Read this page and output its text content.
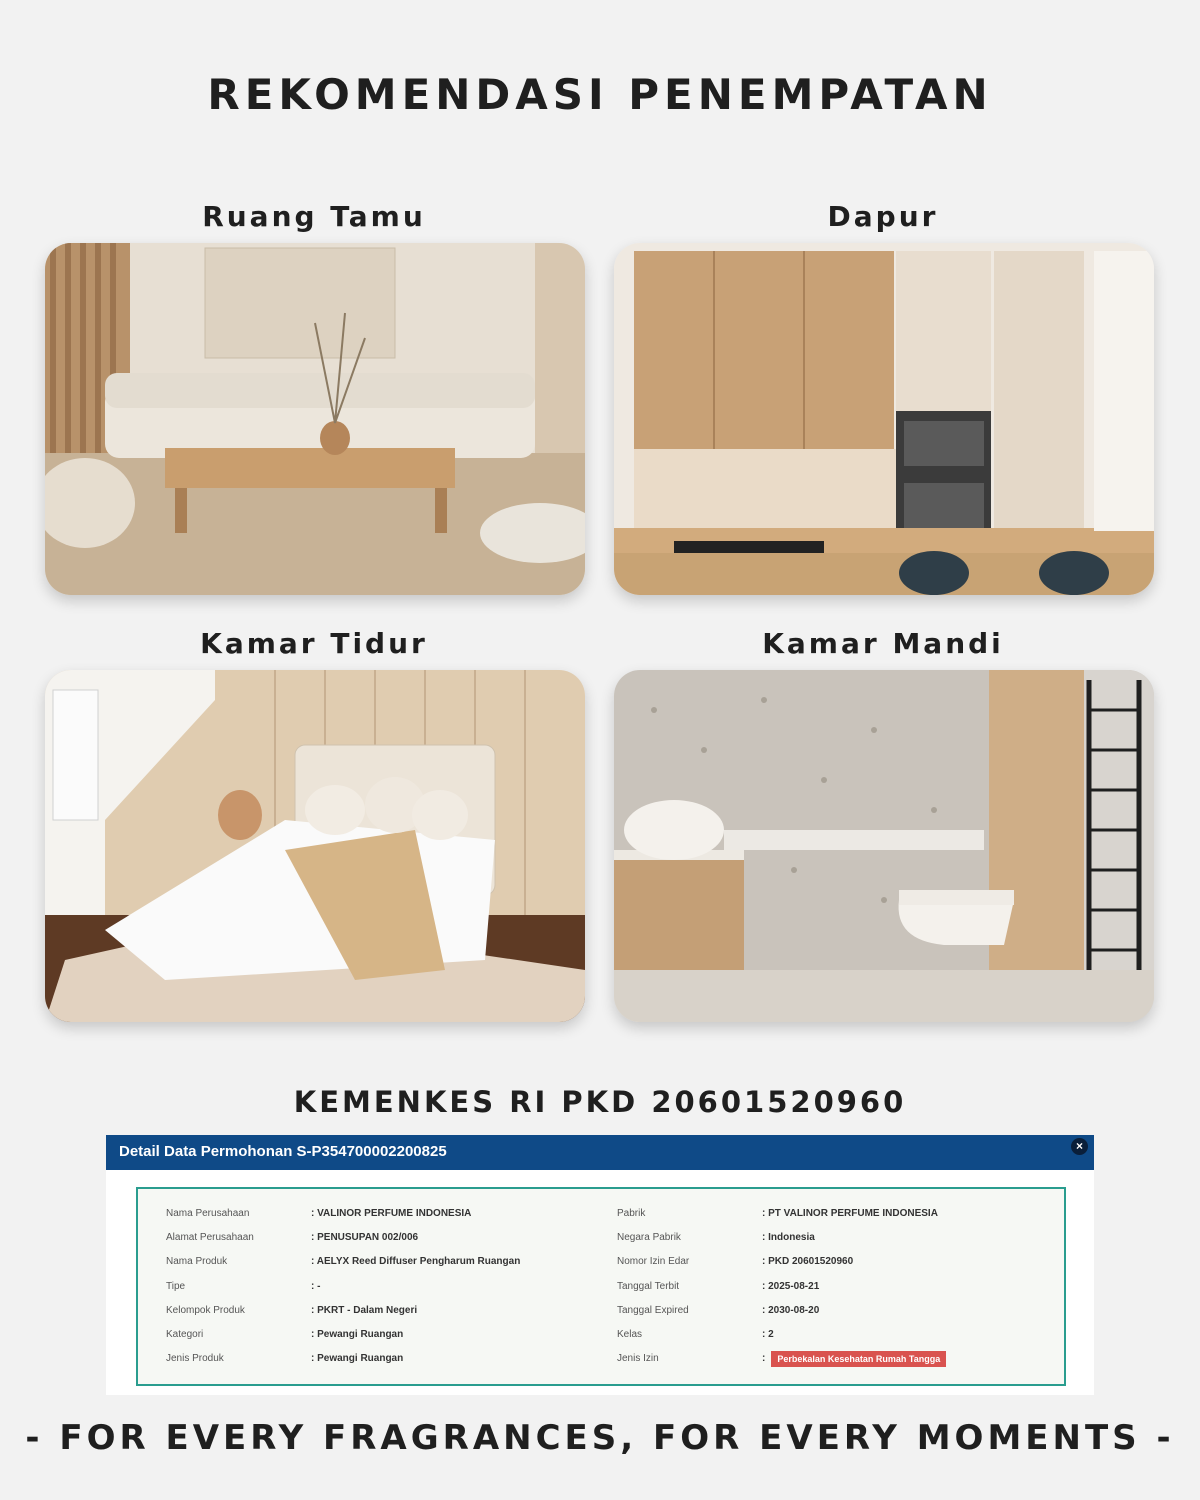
REKOMENDASI PENEMPATAN
Ruang Tamu	Dapur
Kamar Tidur	Kamar Mandi
KEMENKES RI PKD 20601520960
Detail Data Permohonan S-P354700002200825	×
Nama Perusahaan	: VALINOR PERFUME INDONESIA
Alamat Perusahaan	: PENUSUPAN 002/006
Nama Produk	: AELYX Reed Diffuser Pengharum Ruangan
Tipe	: -
Kelompok Produk	: PKRT - Dalam Negeri
Kategori	: Pewangi Ruangan
Jenis Produk	: Pewangi Ruangan
Pabrik	: PT VALINOR PERFUME INDONESIA
Negara Pabrik	: Indonesia
Nomor Izin Edar	: PKD 20601520960
Tanggal Terbit	: 2025-08-21
Tanggal Expired	: 2030-08-20
Kelas	: 2
Jenis Izin	:	Perbekalan Kesehatan Rumah Tangga
- FOR EVERY FRAGRANCES, FOR EVERY MOMENTS -
